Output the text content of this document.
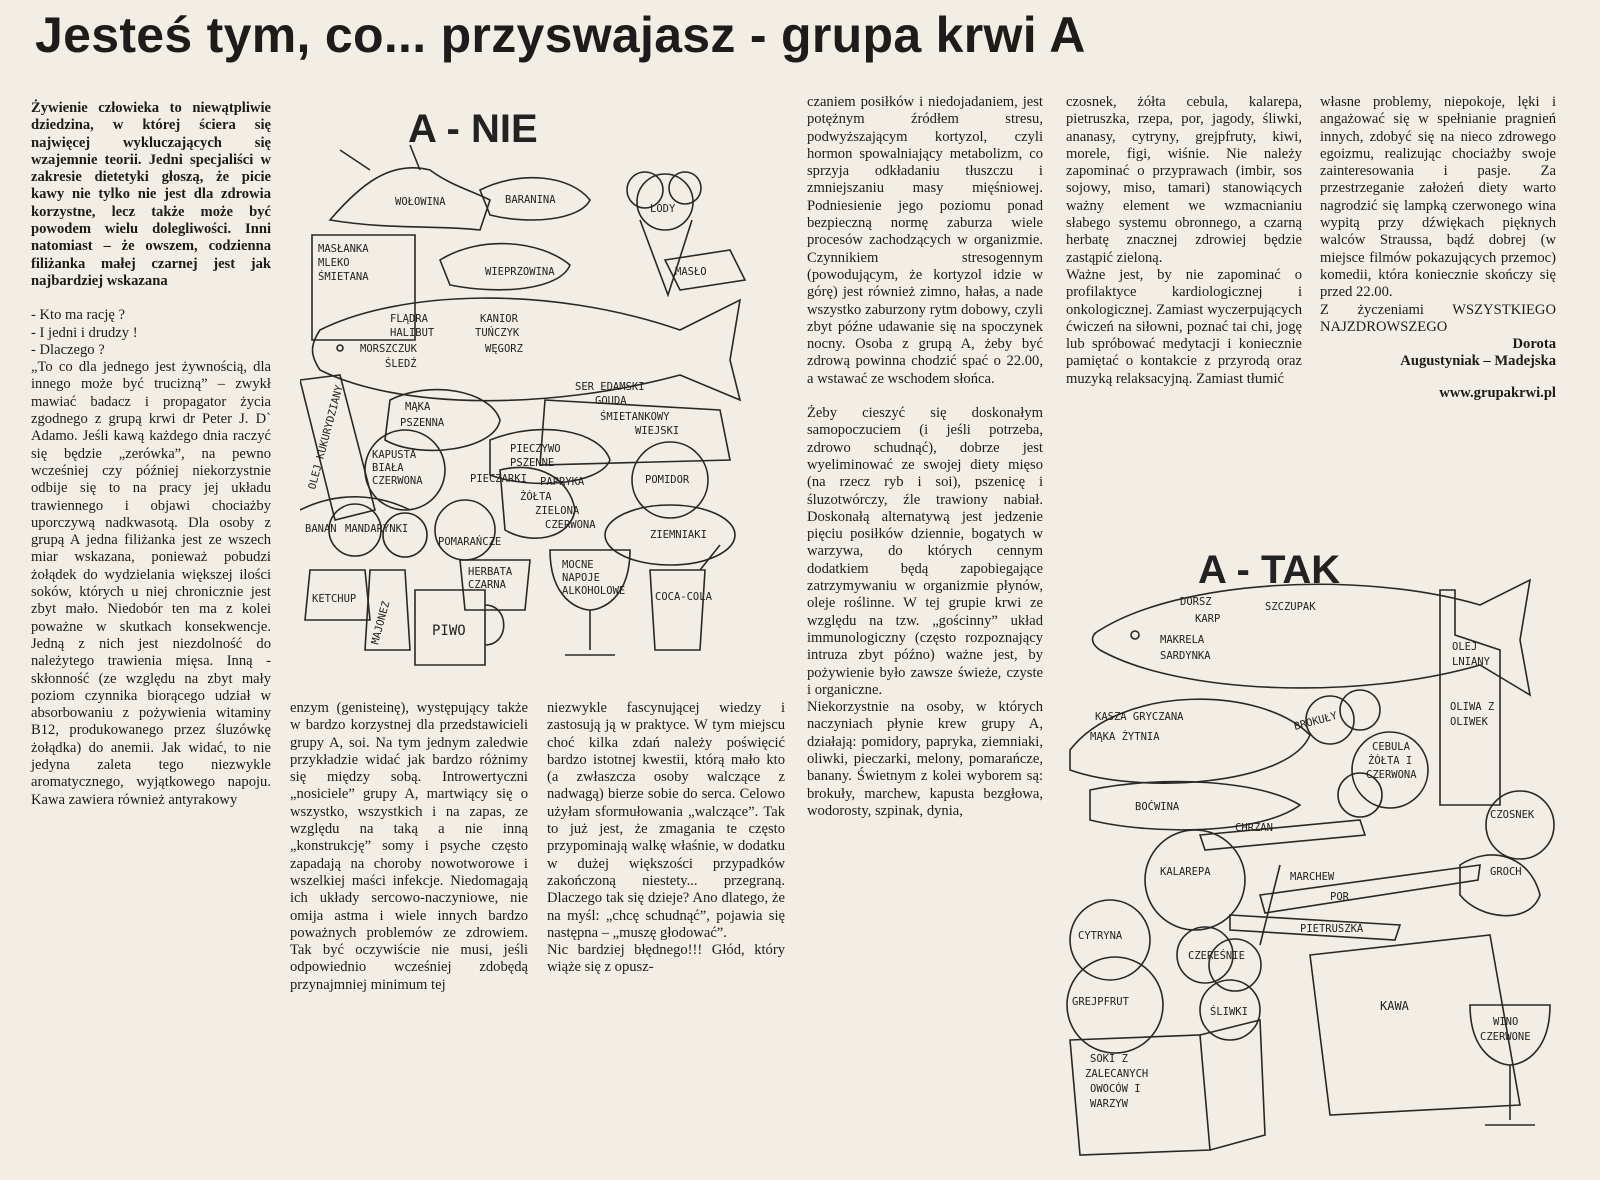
Jesteś tym, co... przyswajasz - grupa krwi A

Żywienie człowieka to niewątpliwie dziedzina, w której ściera się najwięcej wykluczających się wzajemnie teorii. Jedni specjaliści w zakresie dietetyki głoszą, że picie kawy nie tylko nie jest dla zdrowia korzystne, lecz także może być powodem wielu dolegliwości. Inni natomiast – że owszem, codzienna filiżanka małej czarnej jest jak najbardziej wskazana

- Kto ma rację ?

- I jedni i drudzy !

- Dlaczego ?

„To co dla jednego jest żywnością, dla innego może być trucizną” – zwykł mawiać badacz i propagator życia zgodnego z grupą krwi dr Peter J. D` Adamo. Jeśli kawą każdego dnia raczyć się będzie „zerówka”, na pewno wcześniej czy później niekorzystnie odbije się to na pracy jej układu trawiennego i objawi chociażby uporczywą nadkwasotą. Dla osoby z grupą A jedna filiżanka jest ze wszech miar wskazana, ponieważ pobudzi żołądek do wydzielania większej ilości soków, których u niej chronicznie jest zbyt mało. Niedobór ten ma z kolei poważne w skutkach konsekwencje. Jedną z nich jest niezdolność do należytego trawienia mięsa. Inną - skłonność (ze względu na zbyt mały poziom czynnika biorącego udział w absorbowaniu z pożywienia witaminy B12, produkowanego przez śluzówkę żołądka) do anemii. Jak widać, to nie jedyna zaleta tego niezwykle aromatycznego, wyjątkowego napoju. Kawa zawiera również antyrakowy

A - NIE
WOŁOWINA	BARANINA
LODY
MASŁANKA
MLEKO
ŚMIETANA	WIEPRZOWINA	MASŁO
FLĄDRA	KANIOR
HALIBUT	TUŃCZYK
MORSZCZUK	WĘGORZ
ŚLEDŹ
OLEJ KUKURYDZIANY	SER EDAMSKI
GOUDA
ŚMIETANKOWY
WIEJSKI
MĄKA
PSZENNA
KAPUSTA
BIAŁA
CZERWONA
PIECZYWO
PSZENNE
PIECZARKI PAPRYKA
ŻÓŁTA
ZIELONA
CZERWONA
POMIDOR
BANAN MANDARYNKI
POMARAŃCZE
ZIEMNIAKI
MOCNE
NAPOJE
ALKOHOLOWE
HERBATA
CZARNA
KETCHUP
MAJONEZ	PIWO
COCA-COLA

enzym (genisteinę), występujący także w bardzo korzystnej dla przedstawicieli grupy A, soi. Na tym jednym zaledwie przykładzie widać jak bardzo różnimy się między sobą. Introwertyczni „nosiciele” grupy A, martwiący się o wszystko, wszystkich i na zapas, ze względu na taką a nie inną „konstrukcję” somy i psyche często zapadają na choroby nowotworowe i wszelkiej maści infekcje. Niedomagają ich układy sercowo-naczyniowe, nie omija astma i wiele innych bardzo poważnych problemów ze zdrowiem. Tak być oczywiście nie musi, jeśli odpowiednio wcześniej zdobędą przynajmniej minimum tej

niezwykle fascynującej wiedzy i zastosują ją w praktyce. W tym miejscu choć kilka zdań należy poświęcić bardzo istotnej kwestii, którą mało kto (a zwłaszcza osoby walczące z nadwagą) bierze sobie do serca. Celowo użyłam sformułowania „walczące”. Tak to już jest, że zmagania te często przypominają walkę właśnie, w dodatku w dużej większości przypadków zakończoną niestety... przegraną. Dlaczego tak się dzieje? Ano dlatego, że na myśl: „chcę schudnąć”, pojawia się następna – „muszę głodować”.

Nic bardziej błędnego!!! Głód, który wiąże się z opusz-

czaniem posiłków i niedojadaniem, jest potężnym źródłem stresu, podwyższającym kortyzol, czyli hormon spowalniający metabolizm, co sprzyja odkładaniu tłuszczu i zmniejszaniu masy mięśniowej. Podniesienie jego poziomu ponad bezpieczną normę zaburza wiele procesów zachodzących w organizmie. Czynnikiem stresogennym (powodującym, że kortyzol idzie w górę) jest również zimno, hałas, a nade wszystko zaburzony rytm dobowy, czyli zbyt późne udawanie się na spoczynek nocny. Osoba z grupą A, żeby być zdrową powinna chodzić spać o 22.00, a wstawać ze wschodem słońca.

Żeby cieszyć się doskonałym samopoczuciem (i jeśli potrzeba, zdrowo schudnąć), dobrze jest wyeliminować ze swojej diety mięso (na rzecz ryb i soi), pszenicę i śluzotwórczy, źle trawiony nabiał. Doskonałą alternatywą jest jedzenie pięciu posiłków dziennie, bogatych w warzywa, do których cennym dodatkiem będą zapobiegające zatrzymywaniu w organizmie płynów, oleje roślinne. W tej grupie krwi ze względu na tzw. „gościnny” układ immunologiczny (często rozpoznający intruza zbyt późno) ważne jest, by pożywienie było zawsze świeże, czyste i organiczne.

Niekorzystnie na osoby, w których naczyniach płynie krew grupy A, działają: pomidory, papryka, ziemniaki, oliwki, pieczarki, melony, pomarańcze, banany. Świetnym z kolei wyborem są: brokuły, marchew, kapusta bezgłowa, wodorosty, szpinak, dynia,

czosnek, żółta cebula, kalarepa, pietruszka, rzepa, por, jagody, śliwki, ananasy, cytryny, grejpfruty, kiwi, morele, figi, wiśnie. Nie należy zapominać o przyprawach (imbir, sos sojowy, miso, tamari) stanowiących ważny element we wzmacnianiu słabego systemu obronnego, a czarną herbatę znacznej zdrowiej będzie zastąpić zieloną.

Ważne jest, by nie zapominać o profilaktyce kardiologicznej i onkologicznej. Zamiast wyczerpujących ćwiczeń na siłowni, poznać tai chi, jogę lub spróbować medytacji i koniecznie pamiętać o kontakcie z przyrodą oraz muzyką relaksacyjną. Zamiast tłumić

własne problemy, niepokoje, lęki i angażować się w spełnianie pragnień innych, zdobyć się na nieco zdrowego egoizmu, realizując chociażby swoje zainteresowania i pasje. Za przestrzeganie założeń diety warto nagrodzić się lampką czerwonego wina wypitą przy dźwiękach pięknych walców Straussa, bądź dobrej (w miejsce filmów pokazujących przemoc) komedii, która koniecznie skończy się przed 22.00.

Z życzeniami WSZYSTKIEGO NAJZDROWSZEGO

Dorota

Augustyniak – Madejska

www.grupakrwi.pl

A - TAK
DORSZ
KARP
SZCZUPAK
MAKRELA
SARDYNKA
OLEJ
LNIANY
OLIWA Z
OLIWEK
KASZA GRYCZANA
MĄKA ŻYTNIA
BROKUŁY
CEBULA
ŻÓŁTA I
CZERWONA
BOĆWINA
CHRZAN
CZOSNEK
KALAREPA	MARCHEW
POR
GROCH
PIETRUSZKA
CYTRYNA
CZEREŚNIE
GREJPFRUT
ŚLIWKI	KAWA
WINO
CZERWONE
SOKI Z
ZALECANYCH
OWOCÓW I
WARZYW
